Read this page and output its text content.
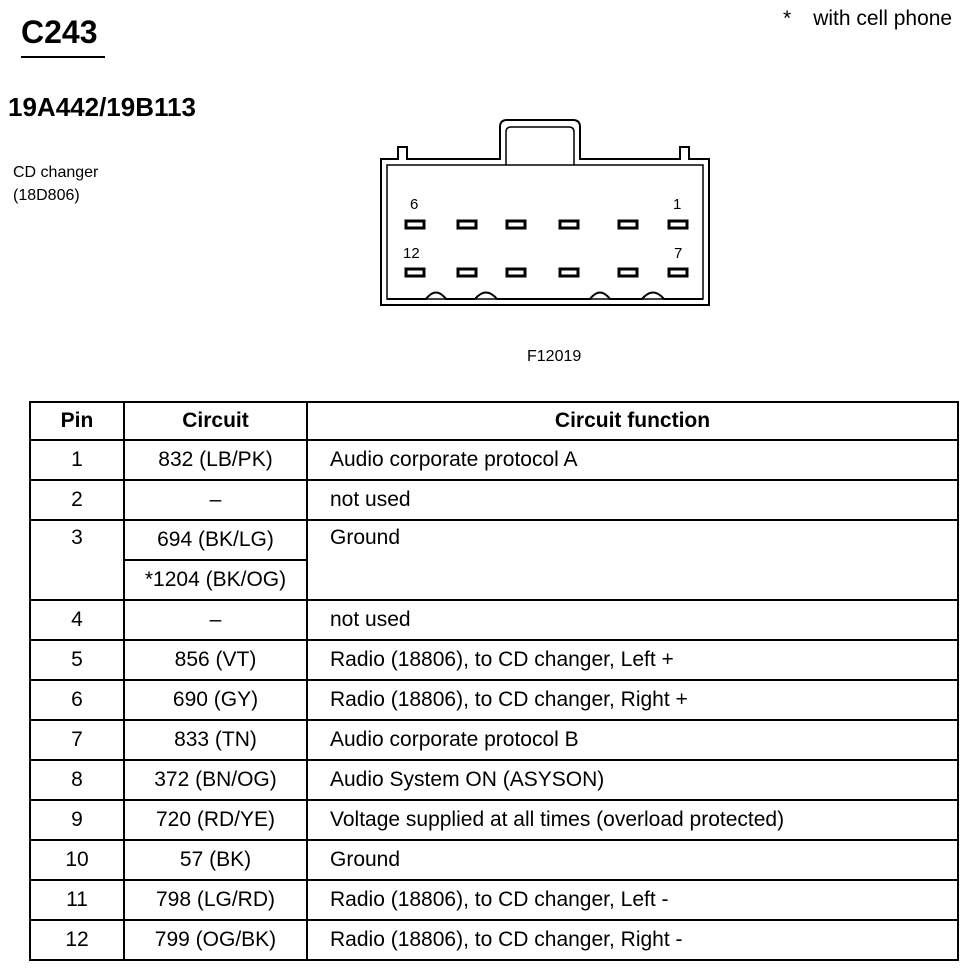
C243
19A442/19B113
CD changer
(18D806)
* with cell phone
6	1
12	7
F12019
Pin	Circuit	Circuit function
1	832 (LB/PK)	Audio corporate protocol A
2	–	not used
3	694 (BK/LG)	Ground
	*1204 (BK/OG)	
4	–	not used
5	856 (VT)	Radio (18806), to CD changer, Left +
6	690 (GY)	Radio (18806), to CD changer, Right +
7	833 (TN)	Audio corporate protocol B
8	372 (BN/OG)	Audio System ON (ASYSON)
9	720 (RD/YE)	Voltage supplied at all times (overload protected)
10	57 (BK)	Ground
11	798 (LG/RD)	Radio (18806), to CD changer, Left -
12	799 (OG/BK)	Radio (18806), to CD changer, Right -
